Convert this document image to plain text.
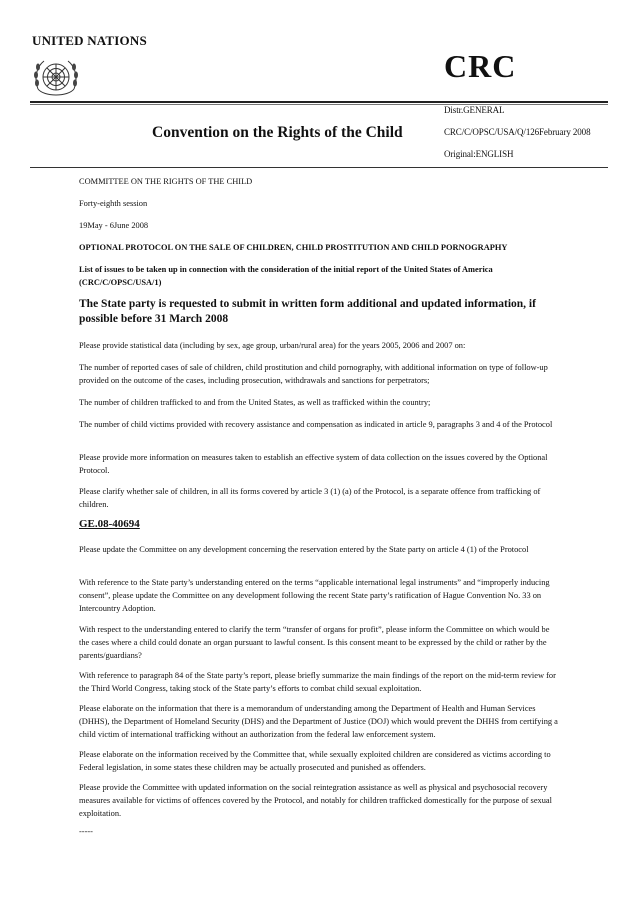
UNITED NATIONS
CRC
Convention on the Rights of the Child
Distr.GENERAL
CRC/C/OPSC/USA/Q/126February 2008
Original:ENGLISH

COMMITTEE ON THE RIGHTS OF THE CHILD

Forty-eighth session

19May - 6June 2008

OPTIONAL PROTOCOL ON THE SALE OF CHILDREN, CHILD PROSTITUTION AND CHILD PORNOGRAPHY

List of issues to be taken up in connection with the consideration of the initial report of the United States of America (CRC/C/OPSC/USA/1)

The State party is requested to submit in written form additional and updated information, if possible before 31 March 2008

Please provide statistical data (including by sex, age group, urban/rural area) for the years 2005, 2006 and 2007 on:

The number of reported cases of sale of children, child prostitution and child pornography, with additional information on type of follow-up provided on the outcome of the cases, including prosecution, withdrawals and sanctions for perpetrators;

The number of children trafficked to and from the United States, as well as trafficked within the country;

The number of child victims provided with recovery assistance and compensation as indicated in article 9, paragraphs 3 and 4 of the Protocol

Please provide more information on measures taken to establish an effective system of data collection on the issues covered by the Optional Protocol.

Please clarify whether sale of children, in all its forms covered by article 3 (1) (a) of the Protocol, is a separate offence from trafficking of children.

GE.08-40694

Please update the Committee on any development concerning the reservation entered by the State party on article 4 (1) of the Protocol

With reference to the State party’s understanding entered on the terms “applicable international legal instruments” and “improperly inducing consent”, please update the Committee on any development following the recent State party’s ratification of Hague Convention No. 33 on Intercountry Adoption.

With respect to the understanding entered to clarify the term “transfer of organs for profit”, please inform the Committee on which would be the cases where a child could donate an organ pursuant to lawful consent. Is this consent meant to be expressed by the child or rather by the parents/guardians?

With reference to paragraph 84 of the State party’s report, please briefly summarize the main findings of the report on the mid-term review for the Third World Congress, taking stock of the State party’s efforts to combat child sexual exploitation.

Please elaborate on the information that there is a memorandum of understanding among the Department of Health and Human Services (DHHS), the Department of Homeland Security (DHS) and the Department of Justice (DOJ) which would prevent the DHHS from certifying a child victim of international trafficking without an authorization from the federal law enforcement system.

Please elaborate on the information received by the Committee that, while sexually exploited children are considered as victims according to Federal legislation, in some states these children may be actually prosecuted and punished as offenders.

Please provide the Committee with updated information on the social reintegration assistance as well as physical and psychosocial recovery measures available for victims of offences covered by the Protocol, and notably for children trafficked domestically for the purpose of sexual exploitation.

-----
